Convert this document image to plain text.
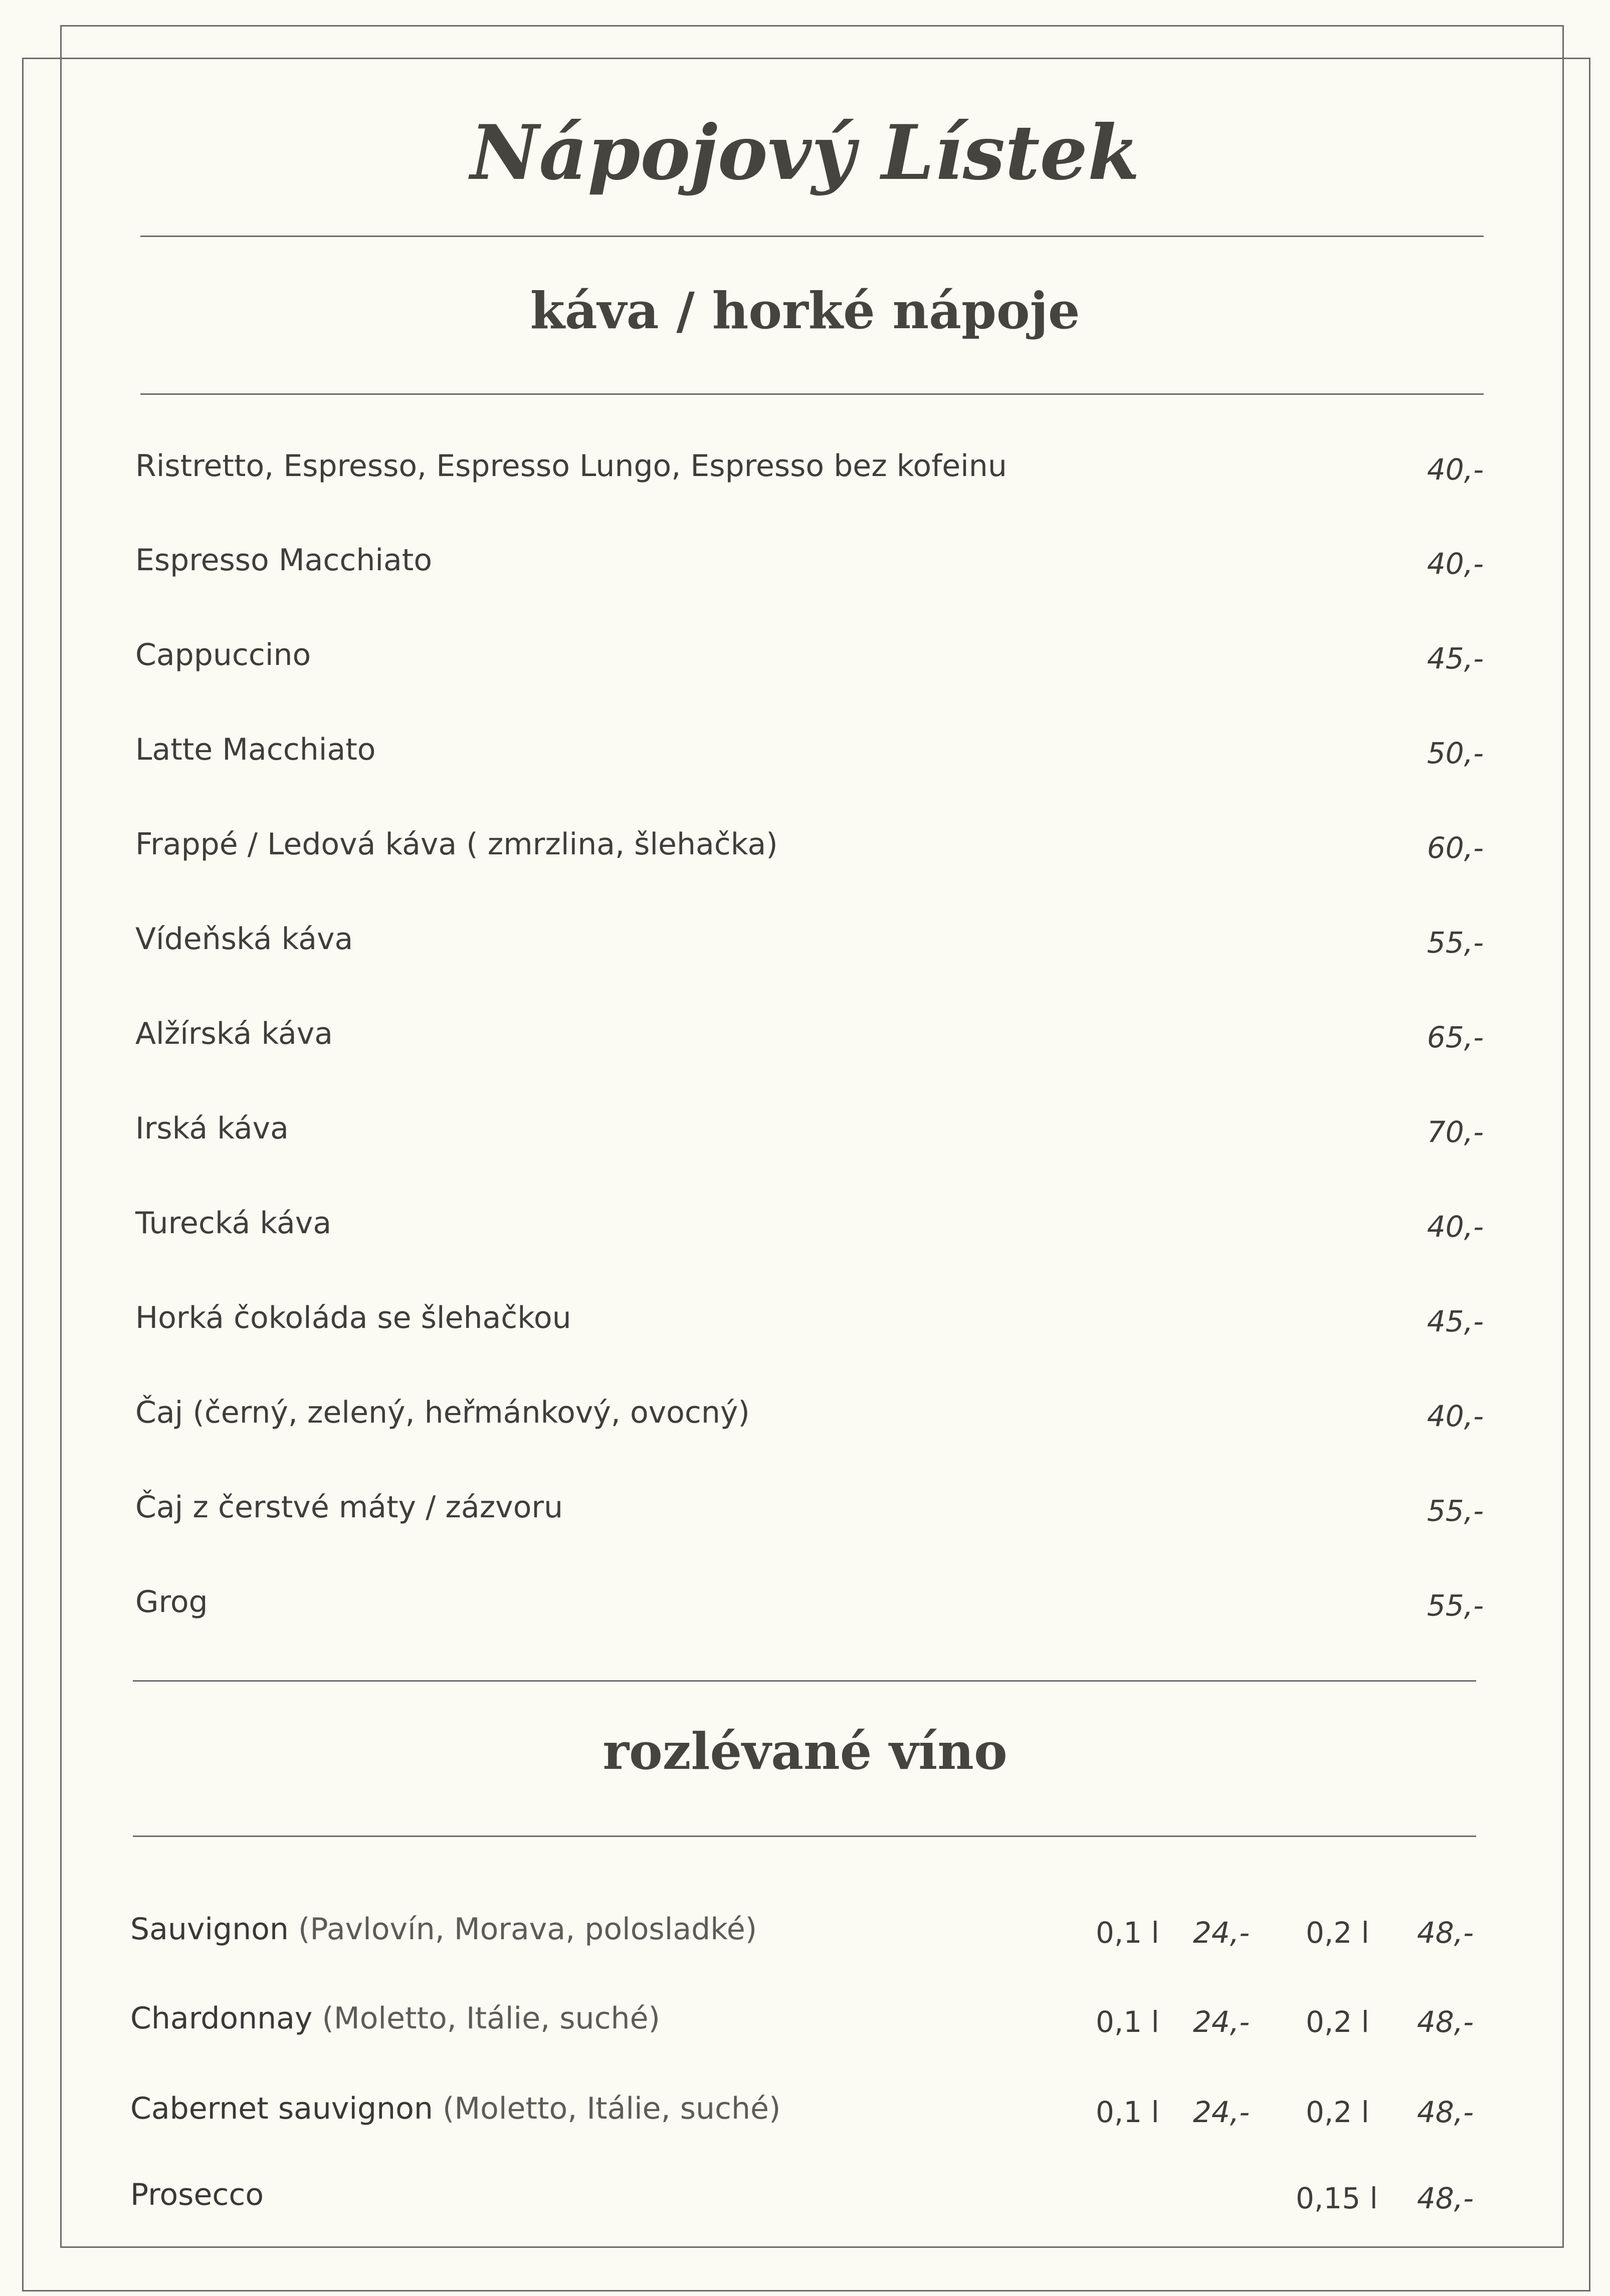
Nápojový Lístek
káva / horké nápoje
Ristretto, Espresso, Espresso Lungo, Espresso bez kofeinu	40,-
Espresso Macchiato	40,-
Cappuccino	45,-
Latte Macchiato	50,-
Frappé / Ledová káva ( zmrzlina, šlehačka)	60,-
Vídeňská káva	55,-
Alžírská káva	65,-
Irská káva	70,-
Turecká káva	40,-
Horká čokoláda se šlehačkou	45,-
Čaj (černý, zelený, heřmánkový, ovocný)	40,-
Čaj z čerstvé máty / zázvoru	55,-
Grog	55,-
rozlévané víno
Sauvignon (Pavlovín, Morava, polosladké)	0,1 l 24,- 0,2 l 48,-
Chardonnay (Moletto, Itálie, suché)	0,1 l 24,- 0,2 l 48,-
Cabernet sauvignon (Moletto, Itálie, suché)	0,1 l 24,- 0,2 l 48,-
Prosecco	0,15 l 48,-
